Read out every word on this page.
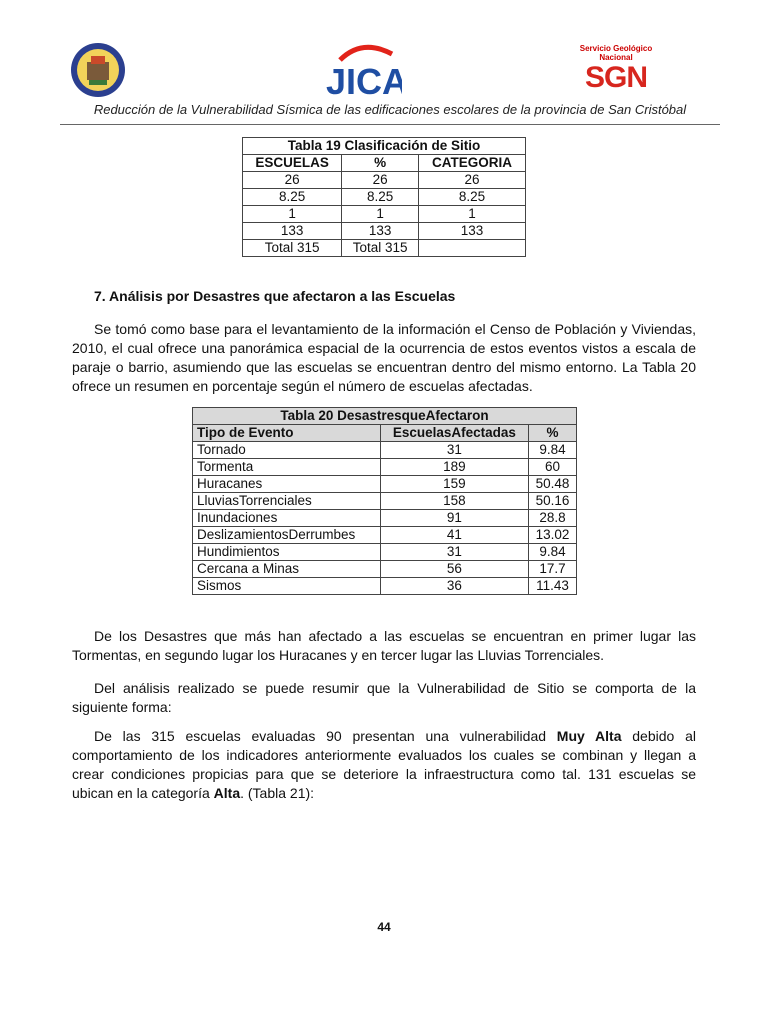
JICA
Servicio Geológico Nacional
SGN
Reducción de la Vulnerabilidad Sísmica de las edificaciones escolares de la provincia de San Cristóbal
Tabla 19 Clasificación de Sitio		
ESCUELAS	%	CATEGORIA
26	26	26
8.25	8.25	8.25
1	1	1
133	133	133
Total 315	Total 315	
7. Análisis por Desastres que afectaron a las Escuelas
Se tomó como base para el levantamiento de la información el Censo de Población y Viviendas, 2010, el cual ofrece una panorámica espacial de la ocurrencia de estos eventos vistos a escala de paraje o barrio, asumiendo que las escuelas se encuentran dentro del mismo entorno. La Tabla 20 ofrece un resumen en porcentaje según el número de escuelas afectadas.
Tabla 20 DesastresqueAfectaron		
Tipo de Evento	EscuelasAfectadas	%
Tornado	31	9.84
Tormenta	189	60
Huracanes	159	50.48
LluviasTorrenciales	158	50.16
Inundaciones	91	28.8
DeslizamientosDerrumbes	41	13.02
Hundimientos	31	9.84
Cercana a Minas	56	17.7
Sismos	36	11.43
De los Desastres que más han afectado a las escuelas se encuentran en primer lugar las Tormentas, en segundo lugar los Huracanes y en tercer lugar las Lluvias Torrenciales.
Del análisis realizado se puede resumir que la Vulnerabilidad de Sitio se comporta de la siguiente forma:
De las 315 escuelas evaluadas 90 presentan una vulnerabilidad Muy Alta debido al comportamiento de los indicadores anteriormente evaluados los cuales se combinan y llegan a crear condiciones propicias para que se deteriore la infraestructura como tal. 131 escuelas se ubican en la categoría Alta. (Tabla 21):
44
